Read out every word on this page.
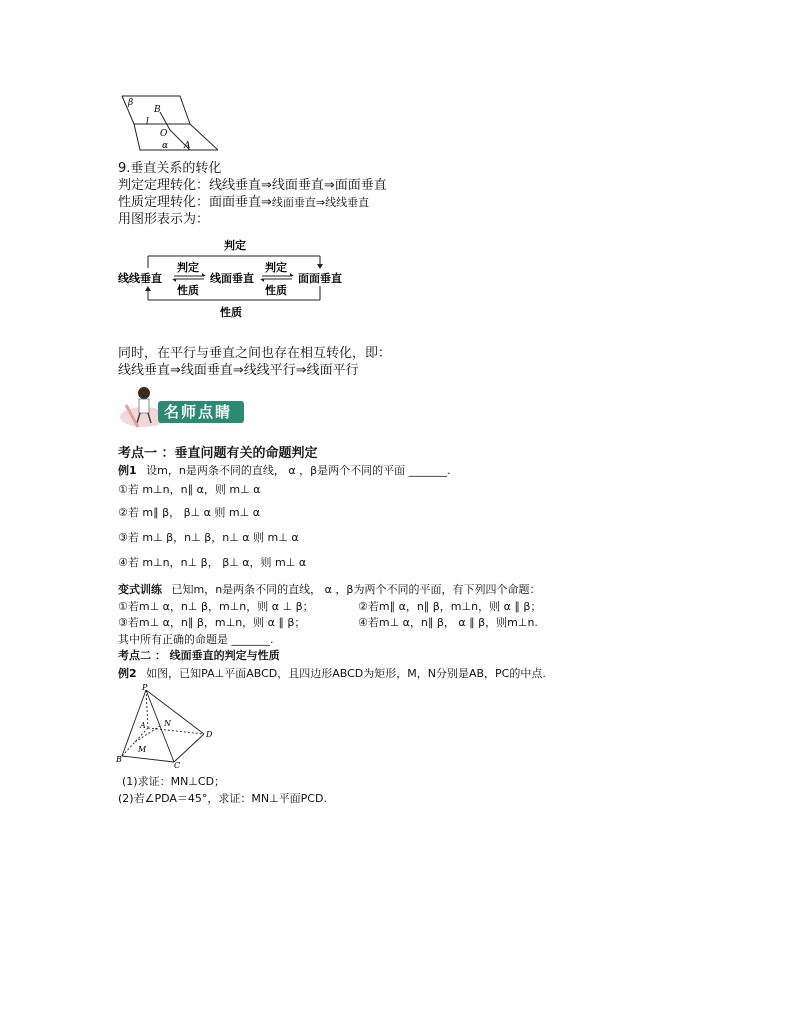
β
B
l
O
α A
9.垂直关系的转化
判定定理转化：线线垂直⇒线面垂直⇒面面垂直
性质定理转化：面面垂直⇒线面垂直⇒线线垂直
用图形表示为：
判定
性质
线线垂直	线面垂直	面面垂直
判定
性质
判定
性质
同时，在平行与垂直之间也存在相互转化，即：
线线垂直⇒线面垂直⇒线线平行⇒线面平行
名师点睛
考点一 ：垂直问题有关的命题判定
例1 设m，n是两条不同的直线， α ，β是两个不同的平面 _______.
①若 m⊥n，n∥ α，则 m⊥ α
②若 m∥ β， β⊥ α 则 m⊥ α
③若 m⊥ β，n⊥ β，n⊥ α 则 m⊥ α
④若 m⊥n，n⊥ β， β⊥ α，则 m⊥ α
变式训练 已知m，n是两条不同的直线， α ，β为两个不同的平面，有下列四个命题：
①若m⊥ α，n⊥ β，m⊥n，则 α ⊥ β；	②若m∥ α，n∥ β，m⊥n，则 α ∥ β；
③若m⊥ α，n∥ β，m⊥n，则 α ∥ β；	④若m⊥ α，n∥ β， α ∥ β，则m⊥n.
其中所有正确的命题是 _______.
考点二 ： 线面垂直的判定与性质
例2 如图，已知PA⊥平面ABCD，且四边形ABCD为矩形，M，N分别是AB，PC的中点.
P
A N
D
M
B
C
(1)求证：MN⊥CD；
(2)若∠PDA＝45°，求证：MN⊥平面PCD.
